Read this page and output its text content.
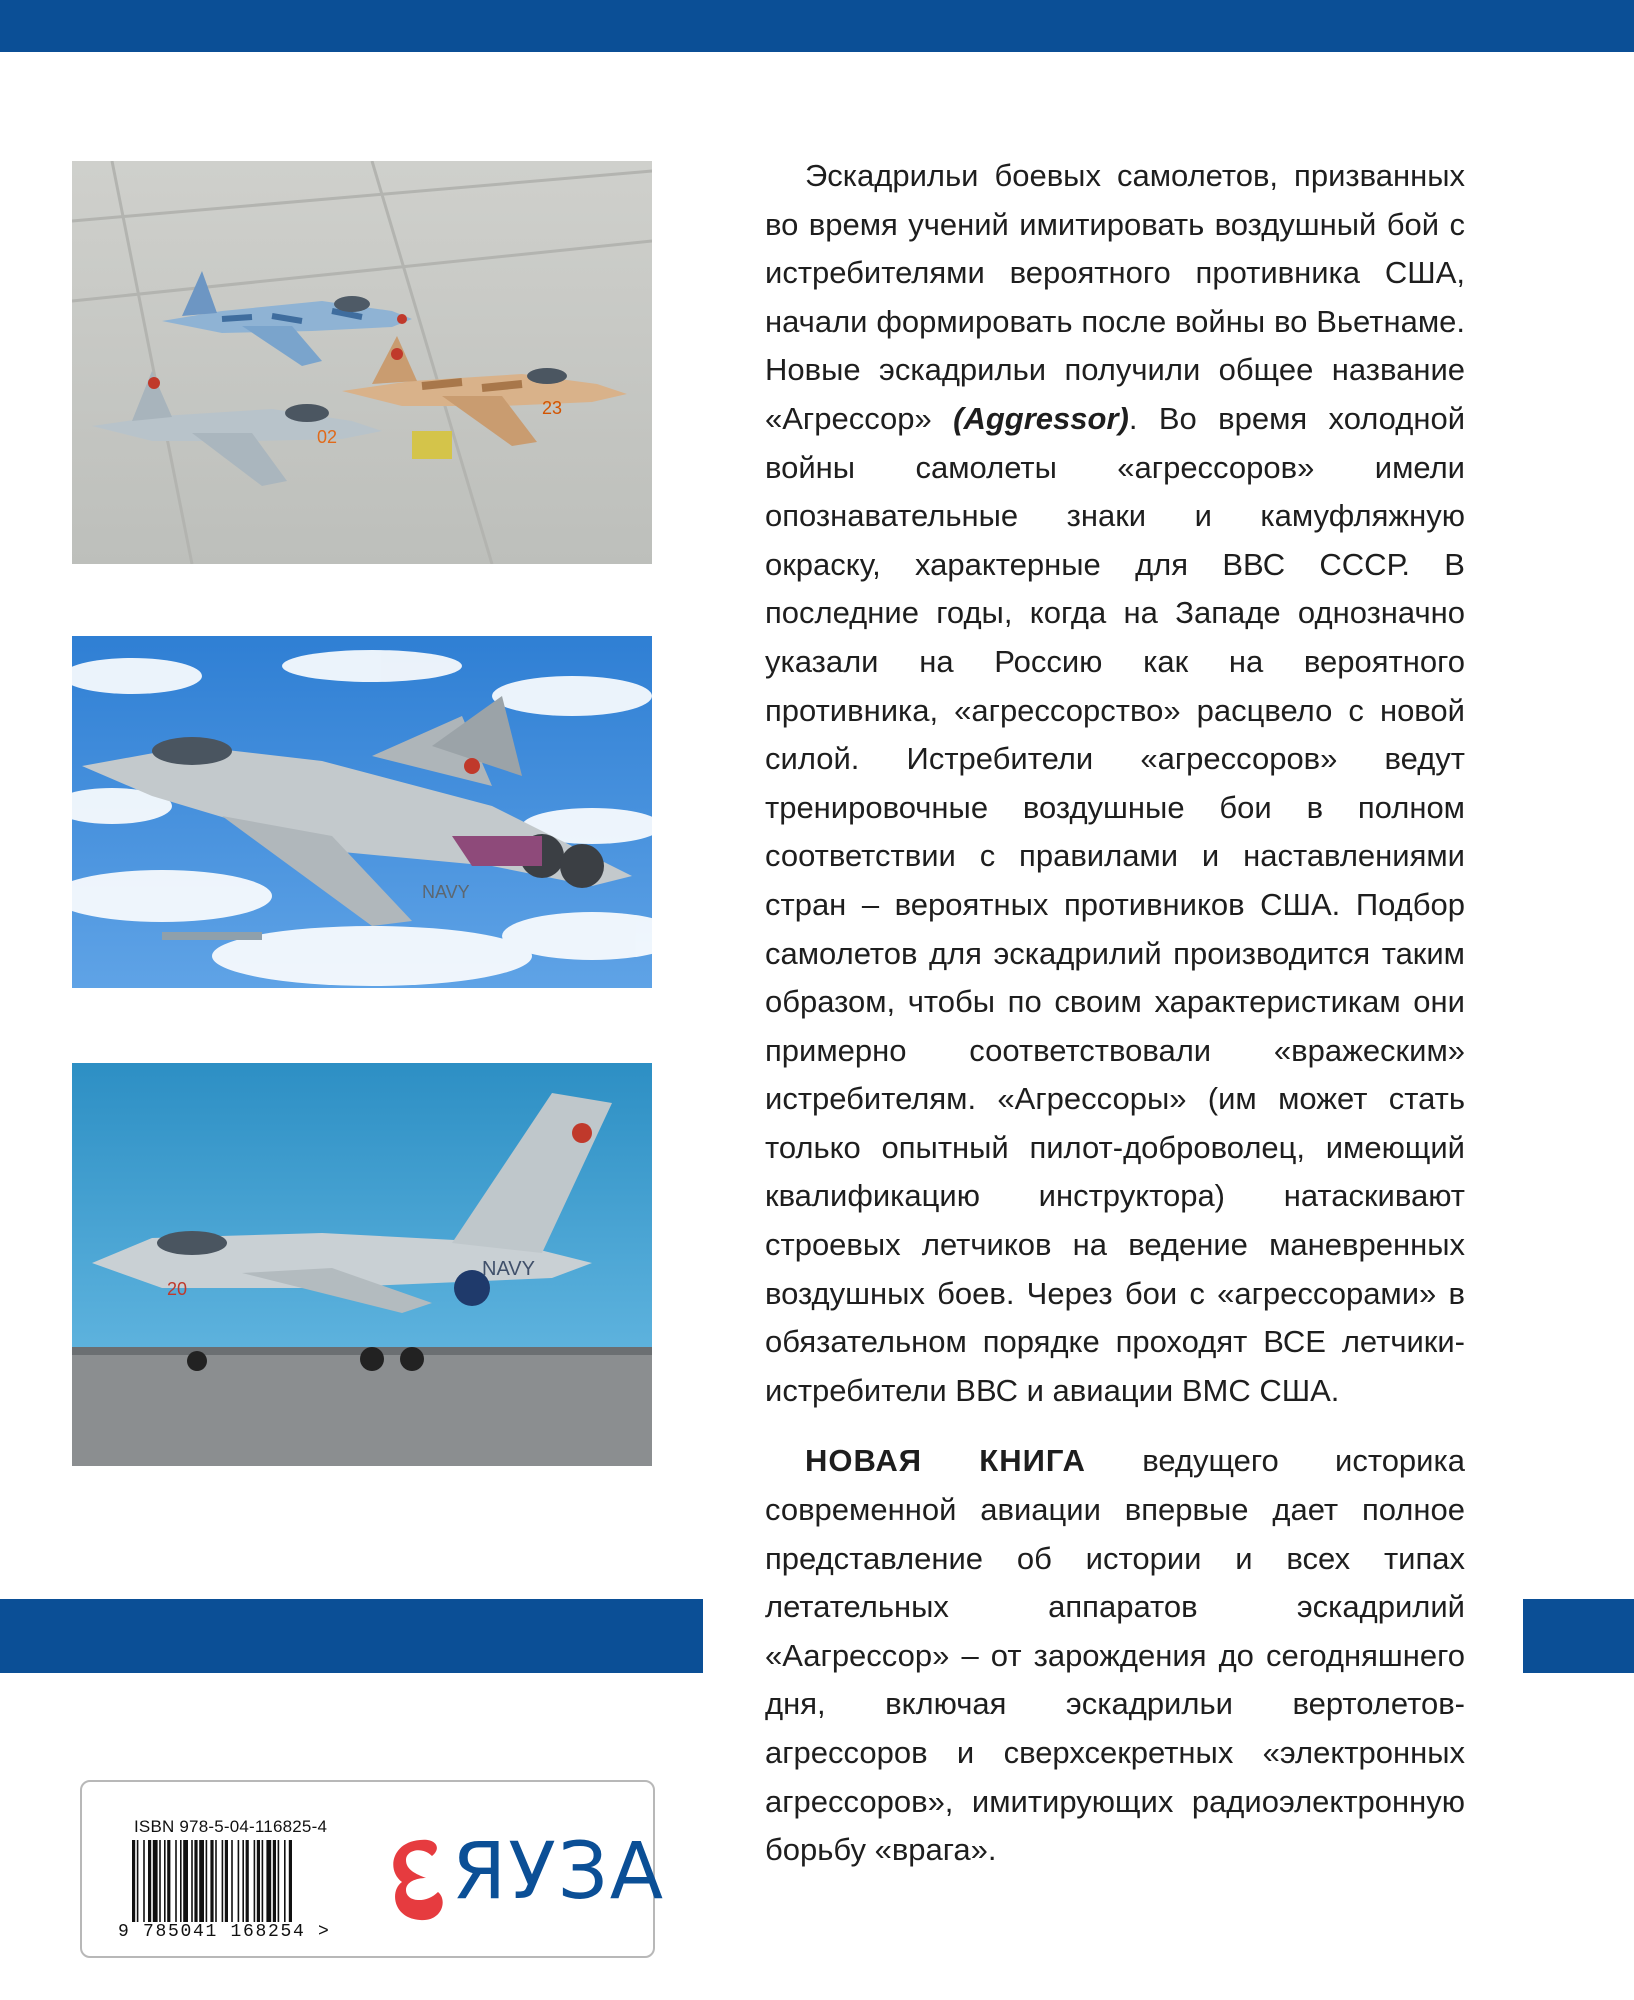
02
23
NAVY
NAVY
20

Эскадрильи боевых самолетов, призванных во время учений имитировать воздушный бой с истребителями вероятного противника США, начали формировать после войны во Вьетнаме. Новые эскадрильи получили общее название «Агрессор» (Aggressor). Во время холодной войны самолеты «агрессоров» имели опознавательные знаки и камуфляжную окраску, характерные для ВВС СССР. В последние годы, когда на Западе однозначно указали на Россию как на вероятного противника, «агрессорство» расцвело с новой силой. Истребители «агрессоров» ведут тренировочные воздушные бои в полном соответствии с правилами и наставлениями стран – вероятных противников США. Подбор самолетов для эскадрилий производится таким образом, чтобы по своим характеристикам они примерно соответствовали «вражеским» истребителям. «Агрессоры» (им может стать только опытный пилот-доброволец, имеющий квалификацию инструктора) натаскивают строевых летчиков на ведение маневренных воздушных боев. Через бои с «агрессорами» в обязательном порядке проходят ВСЕ летчики-истребители ВВС и авиации ВМС США.

НОВАЯ КНИГА ведущего историка современной авиации впервые дает полное представление об истории и всех типах летательных аппаратов эскадрилий «Аагрессор» – от зарождения до сегодняшнего дня, включая эскадрильи вертолетов-агрессоров и сверхсекретных «электронных агрессоров», имитирующих радиоэлектронную борьбу «врага».

ISBN 978-5-04-116825-4
9 785041 168254 >
ЯУЗА
